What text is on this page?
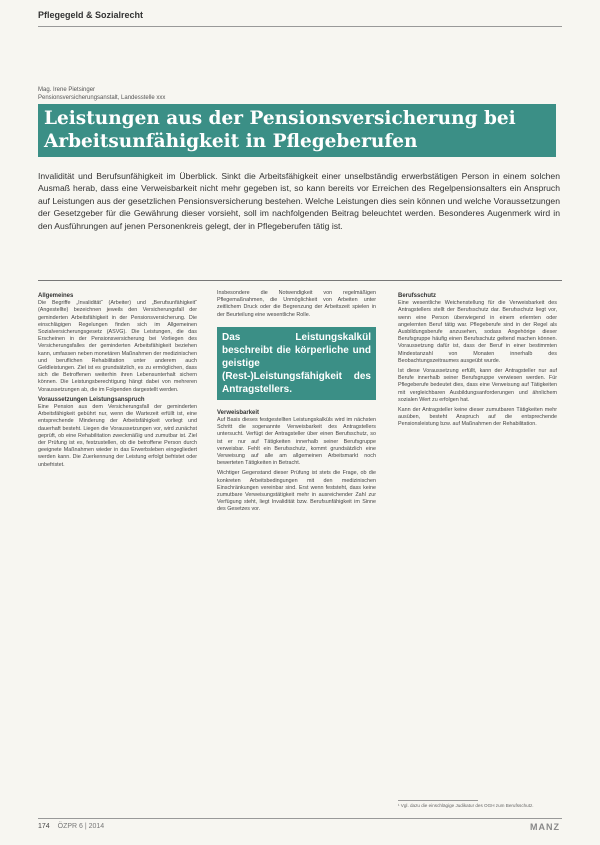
Pflegegeld & Sozialrecht
Mag. Irene Pietsinger
Pensionsversicherungsanstalt, Landesstelle xxx
Leistungen aus der Pensionsversicherung bei Arbeitsunfähigkeit in Pflegeberufen
Invalidität und Berufsunfähigkeit im Überblick. Sinkt die Arbeitsfähigkeit einer unselbständig erwerbstätigen Person in einem solchen Ausmaß herab, dass eine Verweisbarkeit nicht mehr gegeben ist, so kann bereits vor Erreichen des Regelpensionsalters ein Anspruch auf Leistungen aus der gesetzlichen Pensionsversicherung bestehen. Welche Leistungen dies sein können und welche Voraussetzungen der Gesetzgeber für die Gewährung dieser vorsieht, soll im nachfolgenden Beitrag beleuchtet werden. Besonderes Augenmerk wird in den Ausführungen auf jenen Personenkreis gelegt, der in Pflegeberufen tätig ist.
Allgemeines

Die Begriffe „Invalidität“ (Arbeiter) und „Berufsunfähigkeit“ (Angestellte) bezeichnen jeweils den Versicherungsfall der geminderten Arbeitsfähigkeit in der Pensionsversicherung. Die einschlägigen Regelungen finden sich im Allgemeinen Sozialversicherungsgesetz (ASVG). Die Leistungen, die das Erscheinen in der Pensionsversicherung bei Vorliegen des Versicherungsfalles der geminderten Arbeitsfähigkeit beziehen kann, umfassen neben monetären Maßnahmen der medizinischen und beruflichen Rehabilitation unter anderem auch Geldleistungen. Ziel ist es grundsätzlich, es zu ermöglichen, dass sich die Betroffenen weiterhin ihren Lebensunterhalt sichern können. Die Leistungsberechtigung hängt dabei von mehreren Voraussetzungen ab, die im Folgenden dargestellt werden.

Voraussetzungen Leistungsanspruch

Eine Pension aus dem Versicherungsfall der geminderten Arbeitsfähigkeit gebührt nur, wenn die Wartezeit erfüllt ist, eine entsprechende Minderung der Arbeitsfähigkeit vorliegt und dauerhaft besteht. Liegen die Voraussetzungen vor, wird zunächst geprüft, ob eine Rehabilitation zweckmäßig und zumutbar ist. Ziel der Prüfung ist es, festzustellen, ob die betroffene Person durch geeignete Maßnahmen wieder in das Erwerbsleben eingegliedert werden kann. Die Zuerkennung der Leistung erfolgt befristet oder unbefristet.

Insbesondere die Notwendigkeit von regelmäßigen Pflegemaßnahmen, die Unmöglichkeit von Arbeiten unter zeitlichem Druck oder die Begrenzung der Arbeitszeit spielen in der Beurteilung eine wesentliche Rolle.

Das Leistungskalkül beschreibt die körperliche und geistige (Rest-)Leistungsfähigkeit des Antragstellers.
Verweisbarkeit

Auf Basis dieses festgestellten Leistungskalküls wird im nächsten Schritt die sogenannte Verweisbarkeit des Antragstellers untersucht. Verfügt der Antragsteller über einen Berufsschutz, so ist er nur auf Tätigkeiten innerhalb seiner Berufsgruppe verweisbar. Fehlt ein Berufsschutz, kommt grundsätzlich eine Verweisung auf alle am allgemeinen Arbeitsmarkt noch bewerteten Tätigkeiten in Betracht.

Wichtiger Gegenstand dieser Prüfung ist stets die Frage, ob die konkreten Arbeitsbedingungen mit den medizinischen Einschränkungen vereinbar sind. Erst wenn feststeht, dass keine zumutbare Verweisungstätigkeit mehr in ausreichender Zahl zur Verfügung steht, liegt Invalidität bzw. Berufsunfähigkeit im Sinne des Gesetzes vor.

Berufsschutz

Eine wesentliche Weichenstellung für die Verweisbarkeit des Antragstellers stellt der Berufsschutz dar. Berufsschutz liegt vor, wenn eine Person überwiegend in einem erlernten oder angelernten Beruf tätig war. Pflegeberufe sind in der Regel als Ausbildungsberufe anzusehen, sodass Angehörige dieser Berufsgruppe häufig einen Berufsschutz geltend machen können. Voraussetzung dafür ist, dass der Beruf in einer bestimmten Mindestanzahl von Monaten innerhalb des Beobachtungszeitraumes ausgeübt wurde.

Ist diese Voraussetzung erfüllt, kann der Antragsteller nur auf Berufe innerhalb seiner Berufsgruppe verwiesen werden. Für Pflegeberufe bedeutet dies, dass eine Verweisung auf Tätigkeiten mit vergleichbaren Ausbildungsanforderungen und ähnlichem sozialen Wert zu erfolgen hat.

Kann der Antragsteller keine dieser zumutbaren Tätigkeiten mehr ausüben, besteht Anspruch auf die entsprechende Pensionsleistung bzw. auf Maßnahmen der Rehabilitation.

¹ Vgl. dazu die einschlägige Judikatur des OGH zum Berufsschutz.
174 ÖZPR 6 | 2014	MANZ
